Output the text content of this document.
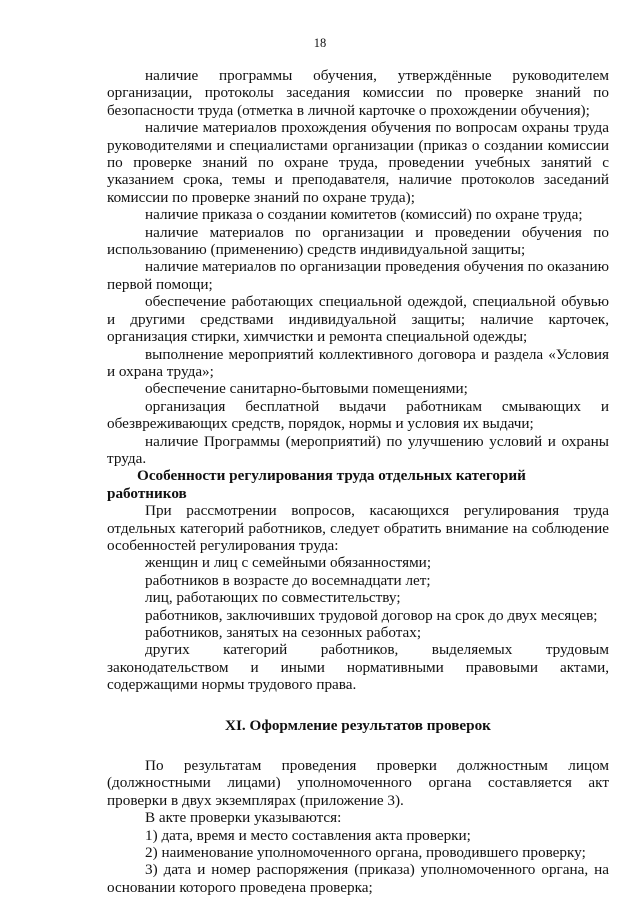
18

наличие программы обучения, утверждённые руководителем организации, протоколы заседания комиссии по проверке знаний по безопасности труда (отметка в личной карточке о прохождении обучения);

наличие материалов прохождения обучения по вопросам охраны труда руководителями и специалистами организации (приказ о создании комиссии по проверке знаний по охране труда, проведении учебных занятий с указанием срока, темы и преподавателя, наличие протоколов заседаний комиссии по проверке знаний по охране труда);

наличие приказа о создании комитетов (комиссий) по охране труда;

наличие материалов по организации и проведении обучения по использованию (применению) средств индивидуальной защиты;

наличие материалов по организации проведения обучения по оказанию первой помощи;

обеспечение работающих специальной одеждой, специальной обувью и другими средствами индивидуальной защиты; наличие карточек, организация стирки, химчистки и ремонта специальной одежды;

выполнение мероприятий коллективного договора и раздела «Условия и охрана труда»;

обеспечение санитарно-бытовыми помещениями;

организация бесплатной выдачи работникам смывающих и обезвреживающих средств, порядок, нормы и условия их выдачи;

наличие Программы (мероприятий) по улучшению условий и охраны труда.

Особенности регулирования труда отдельных категорий работников

При рассмотрении вопросов, касающихся регулирования труда отдельных категорий работников, следует обратить внимание на соблюдение особенностей регулирования труда:

женщин и лиц с семейными обязанностями;

работников в возрасте до восемнадцати лет;

лиц, работающих по совместительству;

работников, заключивших трудовой договор на срок до двух месяцев;

работников, занятых на сезонных работах;

других категорий работников, выделяемых трудовым законодательством и иными нормативными правовыми актами, содержащими нормы трудового права.

XI. Оформление результатов проверок

По результатам проведения проверки должностным лицом (должностными лицами) уполномоченного органа составляется акт проверки в двух экземплярах (приложение 3).

В акте проверки указываются:

1) дата, время и место составления акта проверки;

2) наименование уполномоченного органа, проводившего проверку;

3) дата и номер распоряжения (приказа) уполномоченного органа, на основании которого проведена проверка;
